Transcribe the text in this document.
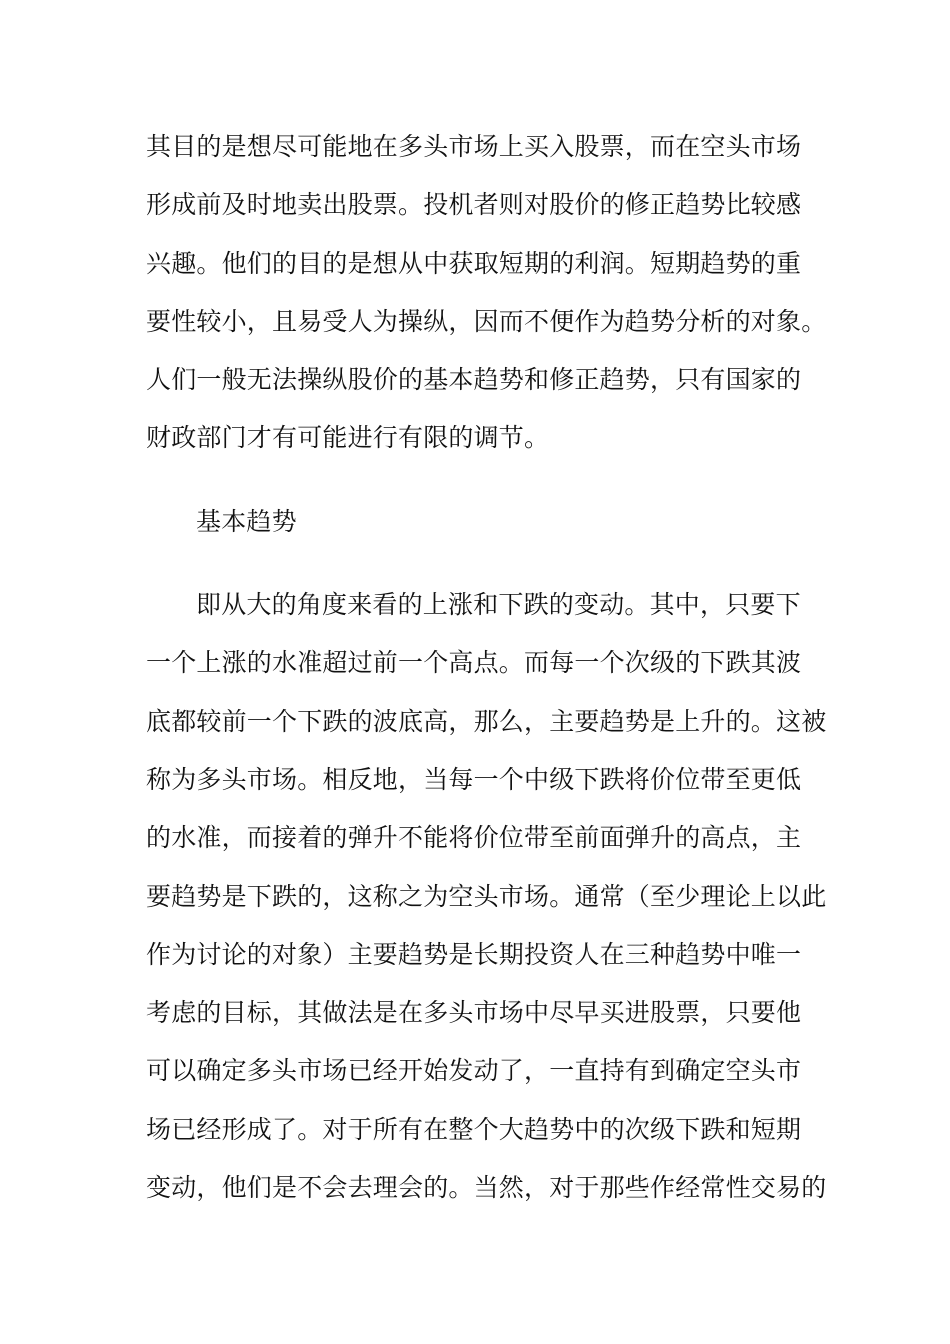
其目的是想尽可能地在多头市场上买入股票，而在空头市场
形成前及时地卖出股票。投机者则对股价的修正趋势比较感
兴趣。他们的目的是想从中获取短期的利润。短期趋势的重
要性较小，且易受人为操纵，因而不便作为趋势分析的对象。
人们一般无法操纵股价的基本趋势和修正趋势，只有国家的
财政部门才有可能进行有限的调节。
基本趋势
即从大的角度来看的上涨和下跌的变动。其中，只要下
一个上涨的水准超过前一个高点。而每一个次级的下跌其波
底都较前一个下跌的波底高，那么，主要趋势是上升的。这被
称为多头市场。相反地，当每一个中级下跌将价位带至更低
的水准，而接着的弹升不能将价位带至前面弹升的高点，主
要趋势是下跌的，这称之为空头市场。通常（至少理论上以此
作为讨论的对象）主要趋势是长期投资人在三种趋势中唯一
考虑的目标，其做法是在多头市场中尽早买进股票，只要他
可以确定多头市场已经开始发动了，一直持有到确定空头市
场已经形成了。对于所有在整个大趋势中的次级下跌和短期
变动，他们是不会去理会的。当然，对于那些作经常性交易的
